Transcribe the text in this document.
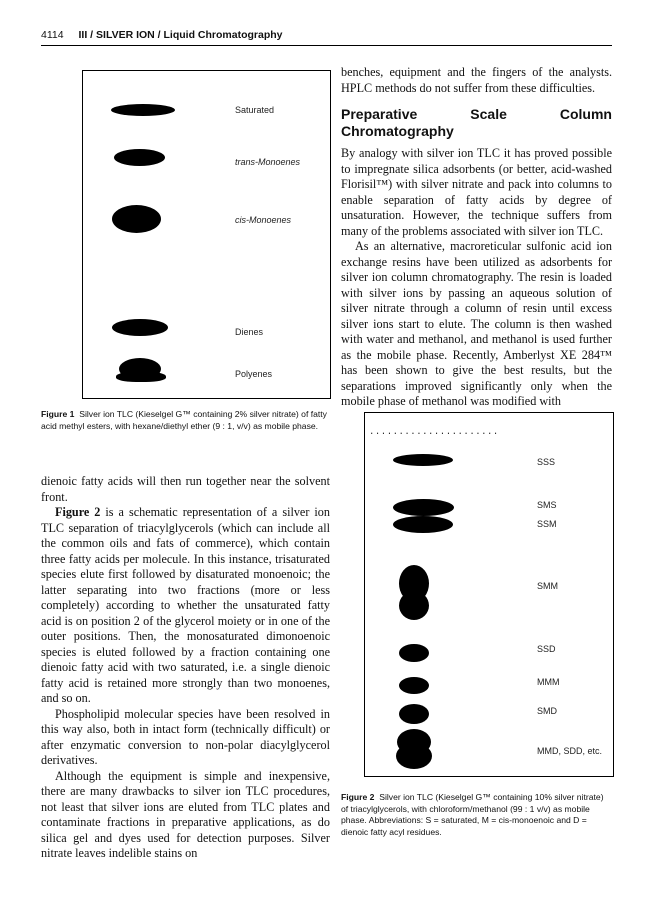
4114 III / SILVER ION / Liquid Chromatography
Saturated
trans-Monoenes
cis-Monoenes
Dienes
Polyenes
Figure 1 Silver ion TLC (Kieselgel G™ containing 2% silver nitrate) of fatty acid methyl esters, with hexane/diethyl ether (9 : 1, v/v) as mobile phase.

dienoic fatty acids will then run together near the solvent front.

Figure 2 is a schematic representation of a silver ion TLC separation of triacylglycerols (which can include all the common oils and fats of commerce), which contain three fatty acids per molecule. In this instance, trisaturated species elute first followed by disaturated monoenoic; the latter separating into two fractions (more or less completely) according to whether the unsaturated fatty acid is on position 2 of the glycerol moiety or in one of the outer positions. Then, the monosaturated dimonoenoic species is eluted followed by a fraction containing one dienoic fatty acid with two saturated, i.e. a single dienoic fatty acid is retained more strongly than two monoenes, and so on.

Phospholipid molecular species have been resolved in this way also, both in intact form (technically difficult) or after enzymatic conversion to non-polar diacylglycerol derivatives.

Although the equipment is simple and inexpensive, there are many drawbacks to silver ion TLC procedures, not least that silver ions are eluted from TLC plates and contaminate fractions in preparative applications, as do silica gel and dyes used for detection purposes. Silver nitrate leaves indelible stains on

benches, equipment and the fingers of the analysts. HPLC methods do not suffer from these difficulties.

Preparative Scale Column Chromatography

By analogy with silver ion TLC it has proved possible to impregnate silica adsorbents (or better, acid-washed Florisil™) with silver nitrate and pack into columns to enable separation of fatty acids by degree of unsaturation. However, the technique suffers from many of the problems associated with silver ion TLC.

As an alternative, macroreticular sulfonic acid ion exchange resins have been utilized as adsorbents for silver ion column chromatography. The resin is loaded with silver ions by passing an aqueous solution of silver nitrate through a column of resin until excess silver ions start to elute. The column is then washed with water and methanol, and methanol is used further as the mobile phase. Recently, Amberlyst XE 284™ has been shown to give the best results, but the separations improved significantly only when the mobile phase of methanol was modified with

......................
SSS
SMS
SSM
SMM
SSD
MMM
SMD
MMD, SDD, etc.
Figure 2 Silver ion TLC (Kieselgel G™ containing 10% silver nitrate) of triacylglycerols, with chloroform/methanol (99 : 1 v/v) as mobile phase. Abbreviations: S = saturated, M = cis-monoenoic and D = dienoic fatty acyl residues.
